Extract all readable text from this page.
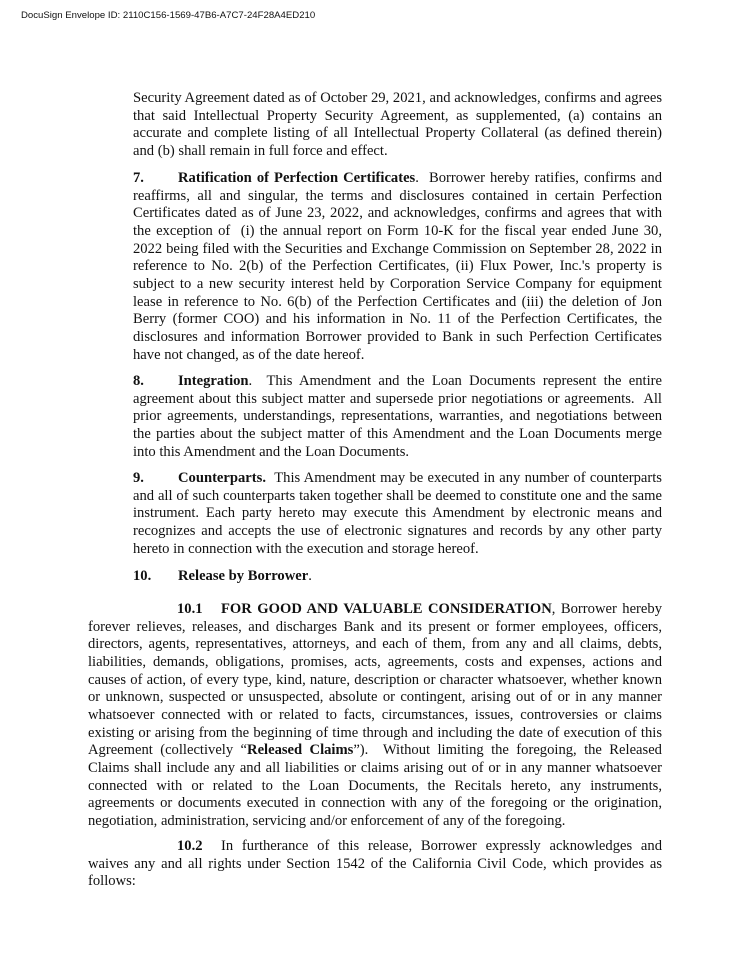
DocuSign Envelope ID: 2110C156-1569-47B6-A7C7-24F28A4ED210

Security Agreement dated as of October 29, 2021, and acknowledges, confirms and agrees that said Intellectual Property Security Agreement, as supplemented, (a) contains an accurate and complete listing of all Intellectual Property Collateral (as defined therein) and (b) shall remain in full force and effect.

7. Ratification of Perfection Certificates.  Borrower hereby ratifies, confirms and reaffirms, all and singular, the terms and disclosures contained in certain Perfection Certificates dated as of June 23, 2022, and acknowledges, confirms and agrees that with the exception of  (i) the annual report on Form 10-K for the fiscal year ended June 30, 2022 being filed with the Securities and Exchange Commission on September 28, 2022 in reference to No. 2(b) of the Perfection Certificates, (ii) Flux Power, Inc.'s property is subject to a new security interest held by Corporation Service Company for equipment lease in reference to No. 6(b) of the Perfection Certificates and (iii) the deletion of Jon Berry (former COO) and his information in No. 11 of the Perfection Certificates, the disclosures and information Borrower provided to Bank in such Perfection Certificates have not changed, as of the date hereof.

8. Integration.  This Amendment and the Loan Documents represent the entire agreement about this subject matter and supersede prior negotiations or agreements.  All prior agreements, understandings, representations, warranties, and negotiations between the parties about the subject matter of this Amendment and the Loan Documents merge into this Amendment and the Loan Documents.

9. Counterparts.  This Amendment may be executed in any number of counterparts and all of such counterparts taken together shall be deemed to constitute one and the same instrument. Each party hereto may execute this Amendment by electronic means and recognizes and accepts the use of electronic signatures and records by any other party hereto in connection with the execution and storage hereof.

10. Release by Borrower.

10.1 FOR GOOD AND VALUABLE CONSIDERATION, Borrower hereby forever relieves, releases, and discharges Bank and its present or former employees, officers, directors, agents, representatives, attorneys, and each of them, from any and all claims, debts, liabilities, demands, obligations, promises, acts, agreements, costs and expenses, actions and causes of action, of every type, kind, nature, description or character whatsoever, whether known or unknown, suspected or unsuspected, absolute or contingent, arising out of or in any manner whatsoever connected with or related to facts, circumstances, issues, controversies or claims existing or arising from the beginning of time through and including the date of execution of this Agreement (collectively “Released Claims”).  Without limiting the foregoing, the Released Claims shall include any and all liabilities or claims arising out of or in any manner whatsoever connected with or related to the Loan Documents, the Recitals hereto, any instruments, agreements or documents executed in connection with any of the foregoing or the origination, negotiation, administration, servicing and/or enforcement of any of the foregoing.

10.2 In furtherance of this release, Borrower expressly acknowledges and waives any and all rights under Section 1542 of the California Civil Code, which provides as follows:
